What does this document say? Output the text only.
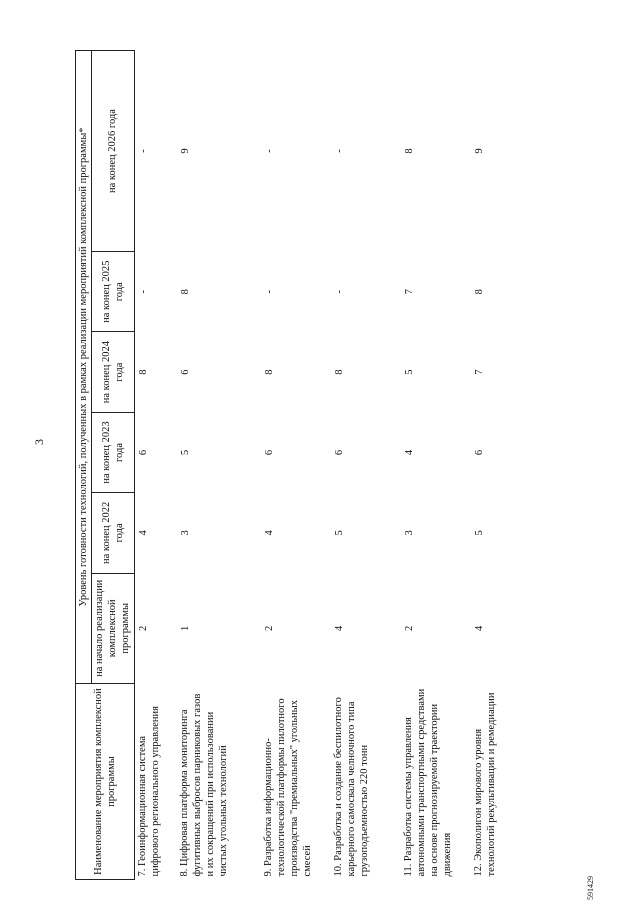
3
Наименование мероприятия комплексной программы	Уровень готовности технологий, полученных в рамках реализации мероприятий комплексной программы*					
	на начало реализации комплексной программы	на конец 2022 года	на конец 2023 года	на конец 2024 года	на конец 2025 года	на конец 2026 года
7. Геоинформационная система цифрового регионального управления	2	4	6	8	-	-
8. Цифровая платформа мониторинга фугитивных выбросов парниковых газов и их сокращений при использовании чистых угольных технологий	1	3	5	6	8	9
9. Разработка информационно-технологической платформы пилотного производства "премиальных" угольных смесей	2	4	6	8	-	-
10. Разработка и создание беспилотного карьерного самосвала челночного типа грузоподъемностью 220 тонн	4	5	6	8	-	-
11. Разработка системы управления автономными транспортными средствами на основе прогнозируемой траектории движения	2	3	4	5	7	8
12. Экополигон мирового уровня технологий рекультивации и ремедиации	4	5	6	7	8	9
591429
